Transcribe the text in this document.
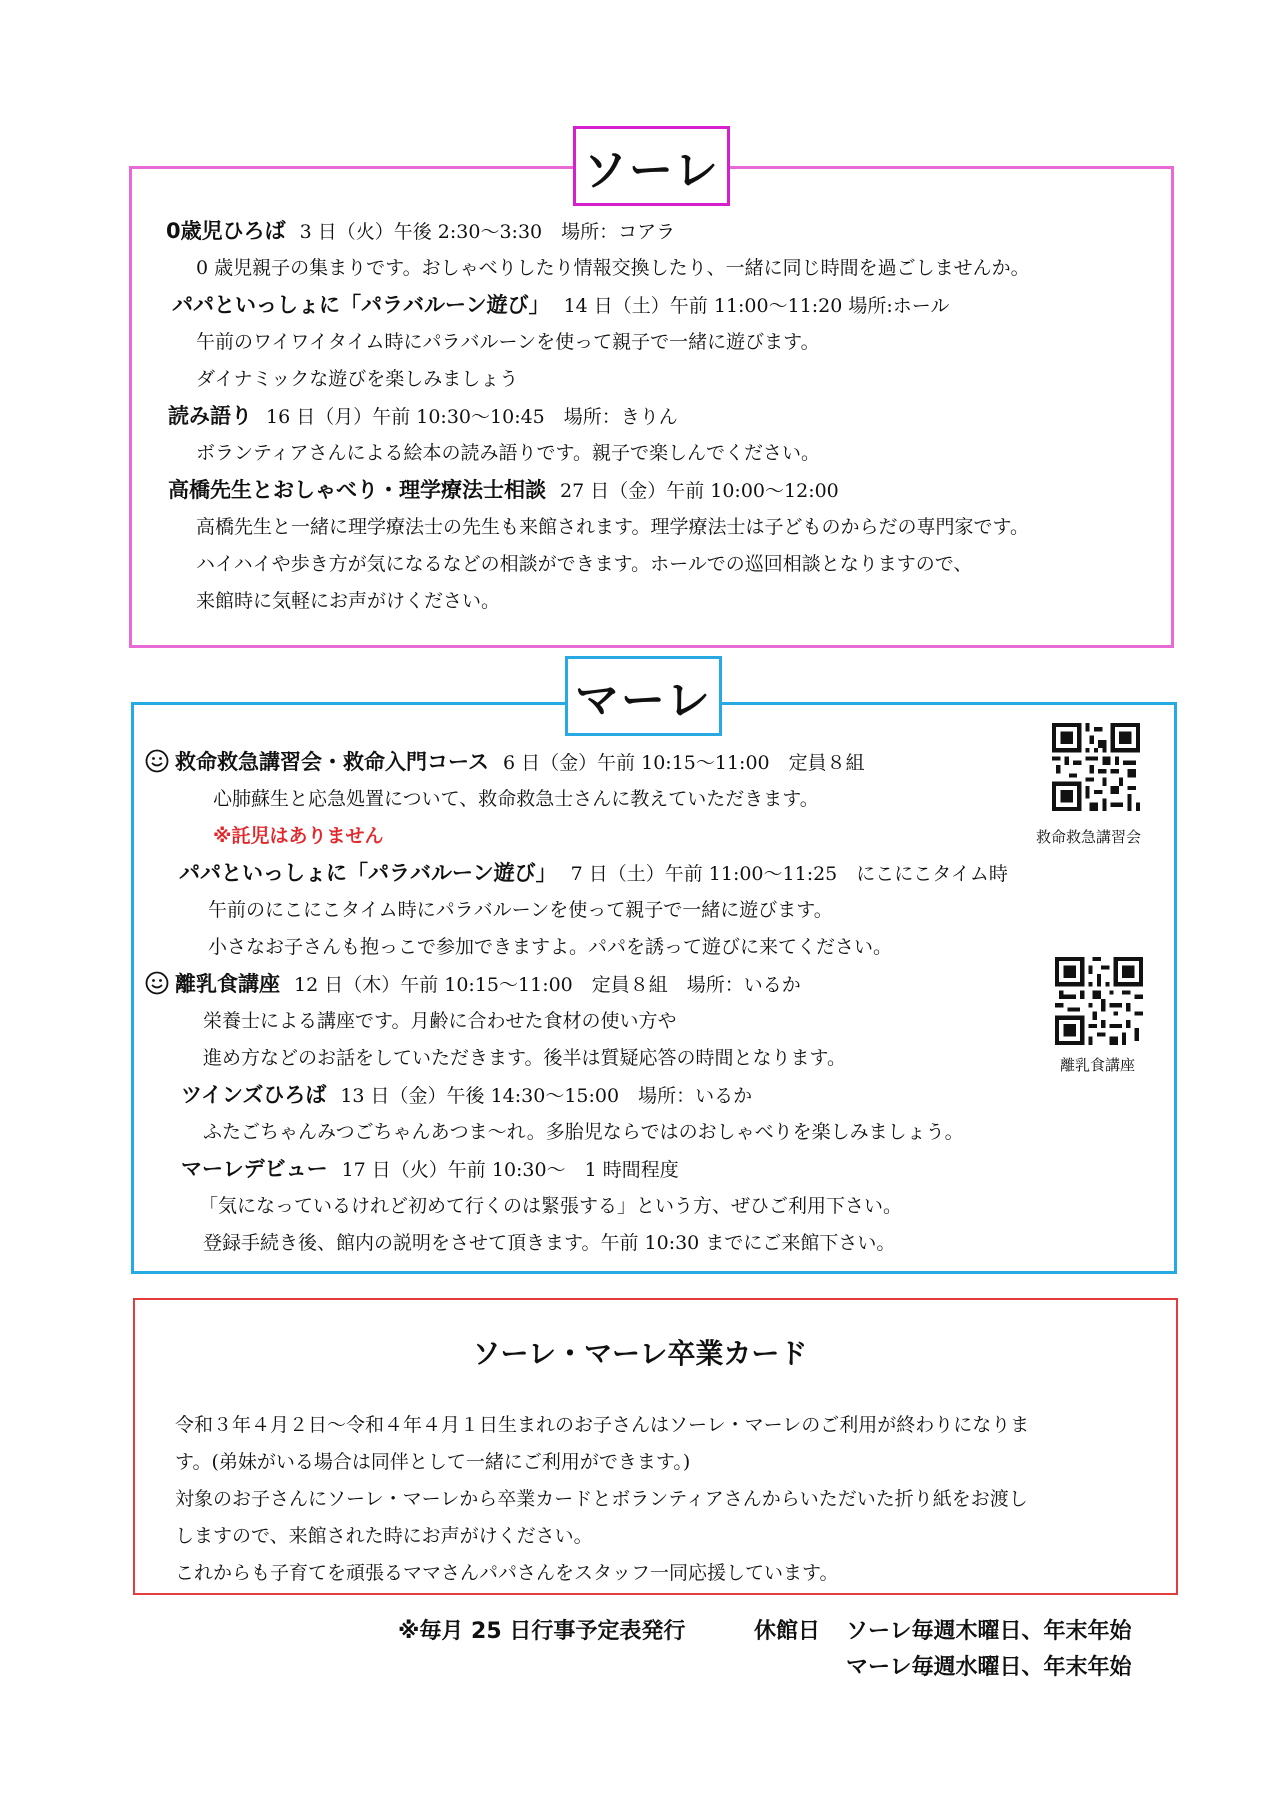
ソーレ
0歳児ひろば 3 日（火）午後 2:30～3:30　場所：コアラ
0 歳児親子の集まりです。おしゃべりしたり情報交換したり、一緒に同じ時間を過ごしませんか。
パパといっしょに「パラバルーン遊び」 14 日（土）午前 11:00～11:20 場所:ホール
午前のワイワイタイム時にパラバルーンを使って親子で一緒に遊びます。
ダイナミックな遊びを楽しみましょう
読み語り 16 日（月）午前 10:30～10:45　場所：きりん
ボランティアさんによる絵本の読み語りです。親子で楽しんでください。
高橋先生とおしゃべり・理学療法士相談 27 日（金）午前 10:00～12:00
高橋先生と一緒に理学療法士の先生も来館されます。理学療法士は子どものからだの専門家です。
ハイハイや歩き方が気になるなどの相談ができます。ホールでの巡回相談となりますので、
来館時に気軽にお声がけください。
マーレ
救命救急講習会・救命入門コース 6 日（金）午前 10:15～11:00　定員８組
心肺蘇生と応急処置について、救命救急士さんに教えていただきます。
※託児はありません
パパといっしょに「パラバルーン遊び」 7 日（土）午前 11:00～11:25　にこにこタイム時
午前のにこにこタイム時にパラバルーンを使って親子で一緒に遊びます。
小さなお子さんも抱っこで参加できますよ。パパを誘って遊びに来てください。
離乳食講座 12 日（木）午前 10:15～11:00　定員８組　場所：いるか
栄養士による講座です。月齢に合わせた食材の使い方や
進め方などのお話をしていただきます。後半は質疑応答の時間となります。
ツインズひろば 13 日（金）午後 14:30～15:00　場所：いるか
ふたごちゃんみつごちゃんあつま～れ。多胎児ならではのおしゃべりを楽しみましょう。
マーレデビュー 17 日（火）午前 10:30～　1 時間程度
「気になっているけれど初めて行くのは緊張する」という方、ぜひご利用下さい。
登録手続き後、館内の説明をさせて頂きます。午前 10:30 までにご来館下さい。
救命救急講習会
離乳食講座
ソーレ・マーレ卒業カード
令和３年４月２日～令和４年４月１日生まれのお子さんはソーレ・マーレのご利用が終わりになりま
す。(弟妹がいる場合は同伴として一緒にご利用ができます。)
対象のお子さんにソーレ・マーレから卒業カードとボランティアさんからいただいた折り紙をお渡し
しますので、来館された時にお声がけください。
これからも子育てを頑張るママさんパパさんをスタッフ一同応援しています。
※毎月 25 日行事予定表発行	休館日 ソーレ毎週木曜日、年末年始
マーレ毎週水曜日、年末年始
